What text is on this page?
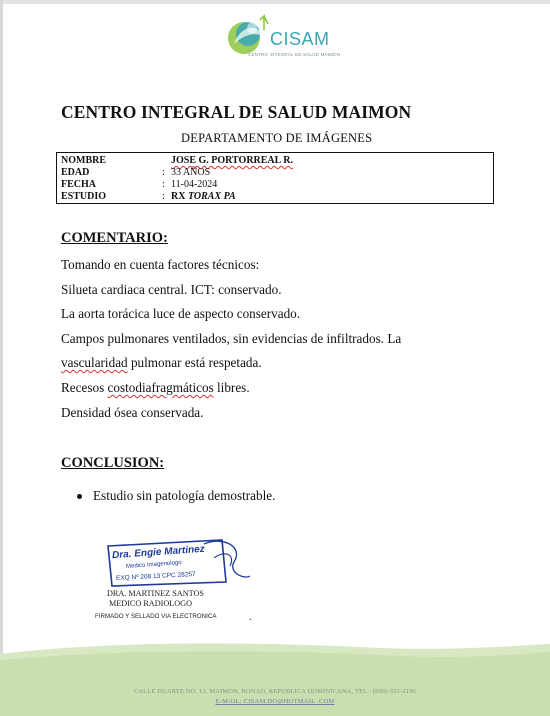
CISAM
CENTRO INTEGRAL DE SALUD MAIMON
CENTRO INTEGRAL DE SALUD MAIMON
DEPARTAMENTO DE IMÁGENES
NOMBRE	JOSE G. PORTORREAL R.
EDAD	: 33 AÑOS
FECHA	: 11-04-2024
ESTUDIO	: RX TORAX PA
COMENTARIO:
Tomando en cuenta factores técnicos:
Silueta cardiaca central. ICT: conservado.
La aorta torácica luce de aspecto conservado.
Campos pulmonares ventilados, sin evidencias de infiltrados. La
vascularidad pulmonar está respetada.
Recesos costodiafragmáticos libres.
Densidad ósea conservada.
CONCLUSION:
Estudio sin patología demostrable.
Dra. Engie Martinez
Medico Imagenologo
EXQ Nº 208 13 CPC 28257
DRA. MARTINEZ SANTOS
MEDICO RADIOLOGO
FIRMADO Y SELLADO VIA ELECTRONICA	.
CALLE DUARTE NO. 13, MAIMÓN, BONAO, REPUBLICA DOMINICANA, TEL.: (809)-551-2196
E-MAIL: CISAM.DO@HOTMAIL .COM
